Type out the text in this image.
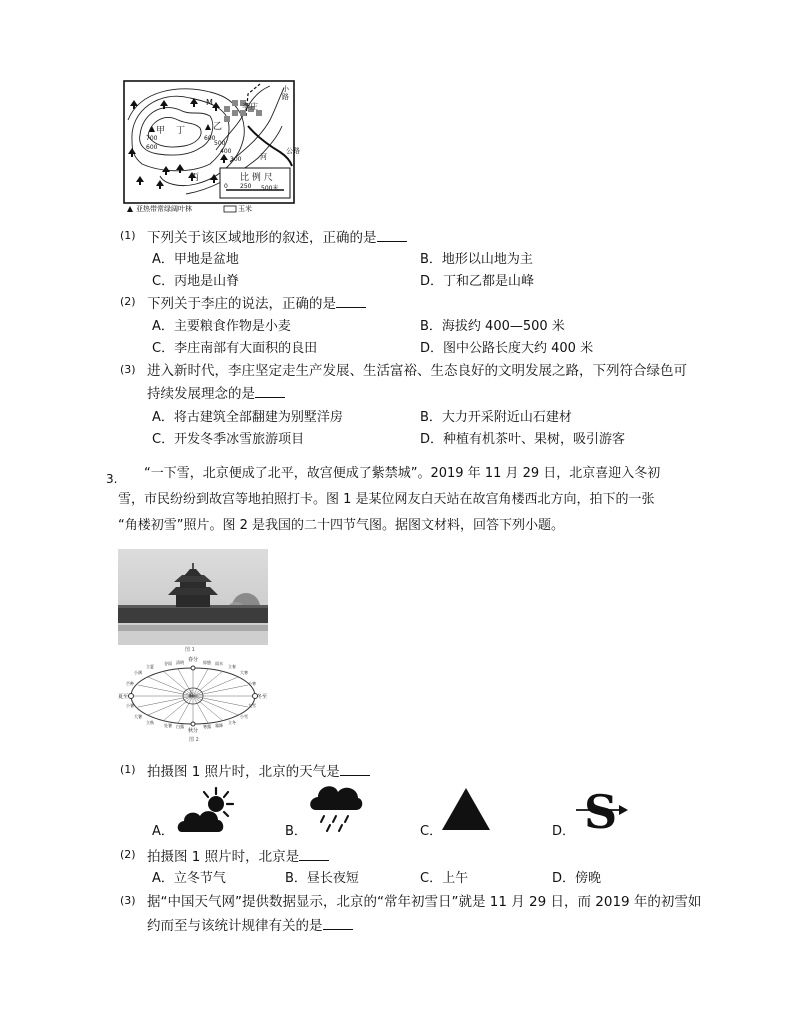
甲 丁	乙
M
丙
李庄
小路
公路
河
700
600
600
500
400
300
比 例 尺
0 250 500米
亚热带常绿阔叶林	玉米
(1) 下列关于该区域地形的叙述，正确的是
A．甲地是盆地	B．地形以山地为主
C．丙地是山脊	D．丁和乙都是山峰
(2) 下列关于李庄的说法，正确的是
A．主要粮食作物是小麦	B．海拔约 400—500 米
C．李庄南部有大面积的良田	D．图中公路长度大约 400 米
(3) 进入新时代，李庄坚定走生产发展、生活富裕、生态良好的文明发展之路，下列符合绿色可
持续发展理念的是
A．将古建筑全部翻建为别墅洋房	B．大力开采附近山石建材
C．开发冬季冰雪旅游项目	D．种植有机茶叶、果树，吸引游客
3.	“一下雪，北京便成了北平，故宫便成了紫禁城”。2019 年 11 月 29 日，北京喜迎入冬初
雪，市民纷纷到故宫等地拍照打卡。图 1 是某位网友白天站在故宫角楼西北方向，拍下的一张
“角楼初雪”照片。图 2 是我国的二十四节气图。据图文材料，回答下列小题。
图 1
春分
秋分
夏至	冬至
立春
立夏
立秋	立冬
清明
谷雨	惊蛰 雨水
小满
芒种
小暑
大暑
处暑 白露	寒露 霜降
小雪
大雪
小寒
大寒
太阳
图 2
(1) 拍摄图 1 照片时，北京的天气是
A．	B．	C．	D． S
(2) 拍摄图 1 照片时，北京是
A．立冬节气	B．昼长夜短	C．上午	D．傍晚
(3) 据“中国天气网”提供数据显示，北京的“常年初雪日”就是 11 月 29 日，而 2019 年的初雪如
约而至与该统计规律有关的是
